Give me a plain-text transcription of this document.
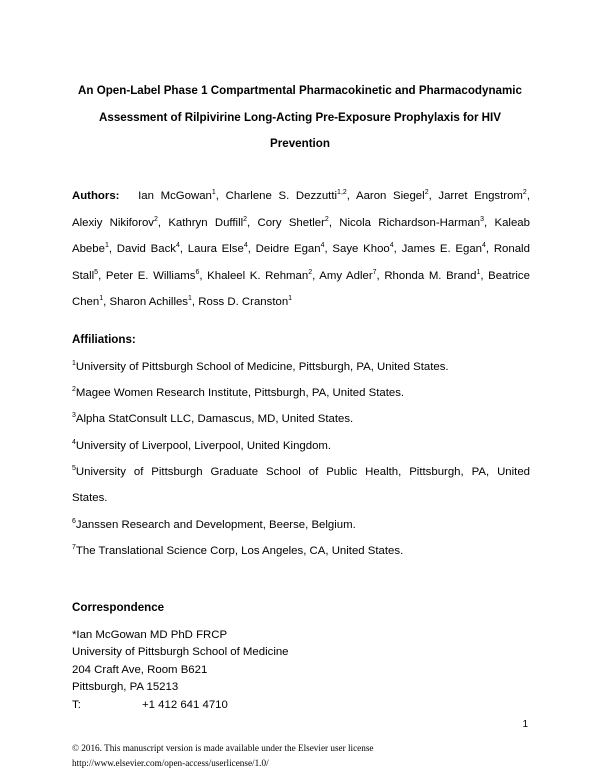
An Open-Label Phase 1 Compartmental Pharmacokinetic and Pharmacodynamic
Assessment of Rilpivirine Long-Acting Pre-Exposure Prophylaxis for HIV
Prevention
Authors: Ian McGowan$^1$, Charlene S. Dezzutti$^{1,2}$, Aaron Siegel$^2$, Jarret Engstrom$^2$, Alexiy Nikiforov$^2$, Kathryn Duffill$^2$, Cory Shetler$^2$, Nicola Richardson-Harman$^3$, Kaleab Abebe$^1$, David Back$^4$, Laura Else$^4$, Deidre Egan$^4$, Saye Khoo$^4$, James E. Egan$^4$, Ronald Stall$^5$, Peter E. Williams$^6$, Khaleel K. Rehman$^2$, Amy Adler$^7$, Rhonda M. Brand$^1$, Beatrice Chen$^1$, Sharon Achilles$^1$, Ross D. Cranston$^1$
Affiliations:
$^1$University of Pittsburgh School of Medicine, Pittsburgh, PA, United States.
$^2$Magee Women Research Institute, Pittsburgh, PA, United States.
$^3$Alpha StatConsult LLC, Damascus, MD, United States.
$^4$University of Liverpool, Liverpool, United Kingdom.
$^5$University of Pittsburgh Graduate School of Public Health, Pittsburgh, PA, United
States.
$^6$Janssen Research and Development, Beerse, Belgium.
$^7$The Translational Science Corp, Los Angeles, CA, United States.
Correspondence
*Ian McGowan MD PhD FRCP
University of Pittsburgh School of Medicine
204 Craft Ave, Room B621
Pittsburgh, PA 15213
T:	+1 412 641 4710
1
© 2016. This manuscript version is made available under the Elsevier user license
http://www.elsevier.com/open-access/userlicense/1.0/
